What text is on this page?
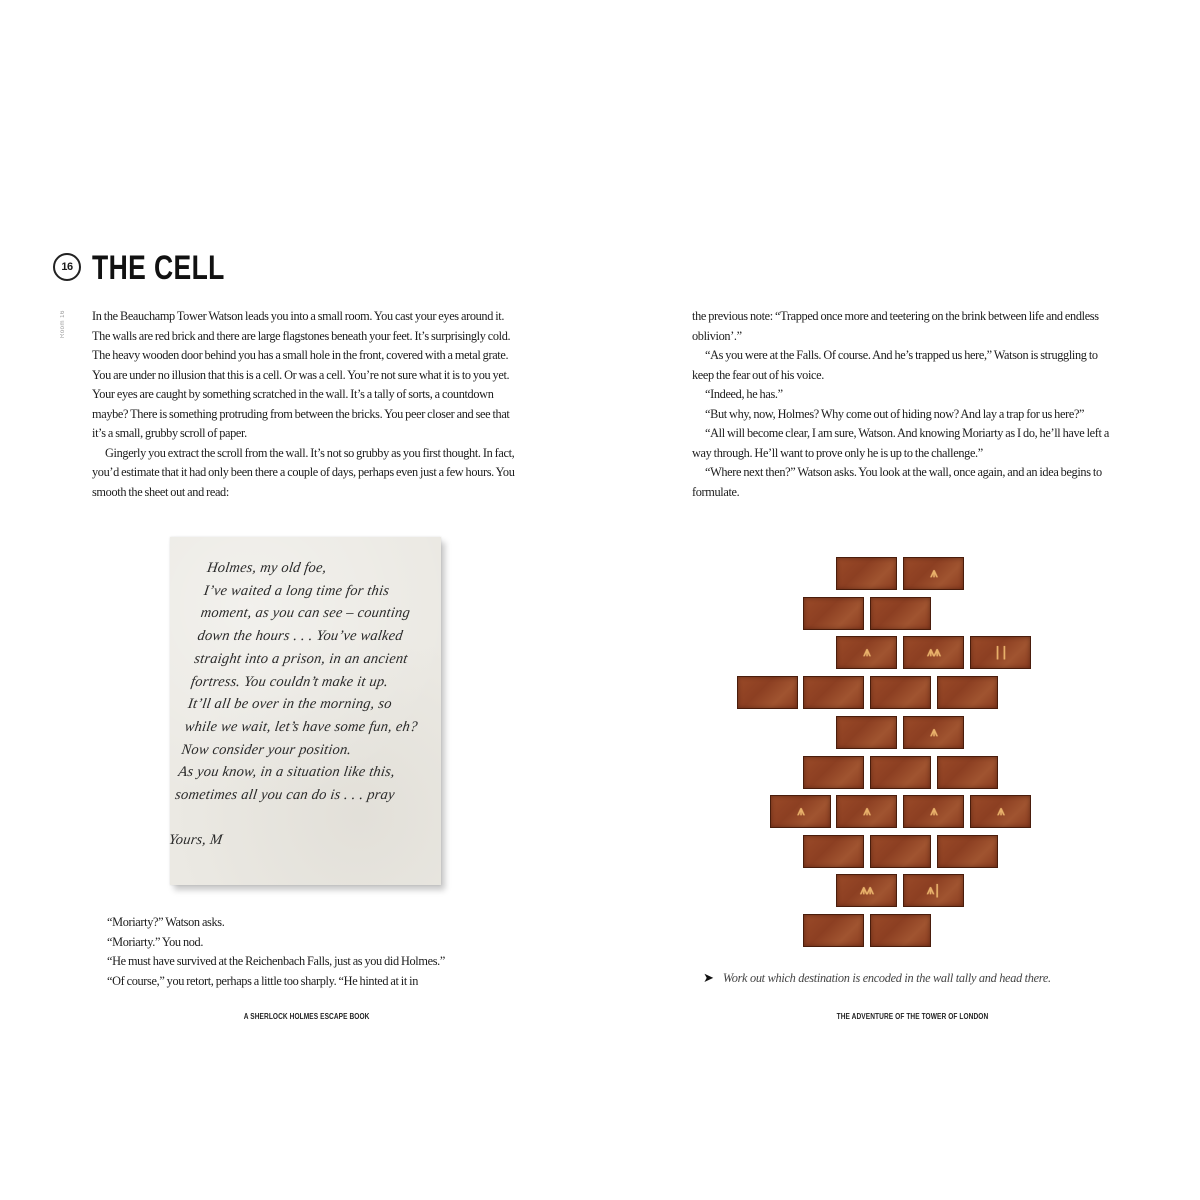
16 THE CELL
Room 16	In the Beauchamp Tower Watson leads you into a small room. You cast your eyes around it. The walls are red brick and there are large flagstones beneath your feet. It’s surprisingly cold. The heavy wooden door behind you has a small hole in the front, covered with a metal grate. You are under no illusion that this is a cell. Or was a cell. You’re not sure what it is to you yet. Your eyes are caught by something scratched in the wall. It’s a tally of sorts, a countdown maybe? There is something protruding from between the bricks. You peer closer and see that it’s a small, grubby scroll of paper.

Gingerly you extract the scroll from the wall. It’s not so grubby as you first thought. In fact, you’d estimate that it had only been there a couple of days, perhaps even just a few hours. You smooth the sheet out and read:

Holmes, my old foe,
I’ve waited a long time for this
moment, as you can see – counting
down the hours . . . You’ve walked
straight into a prison, in an ancient
fortress. You couldn’t make it up.
It’ll all be over in the morning, so
while we wait, let’s have some fun, eh?
Now consider your position.
As you know, in a situation like this,
sometimes all you can do is . . . pray
Yours, M

“Moriarty?” Watson asks.

“Moriarty.” You nod.

“He must have survived at the Reichenbach Falls, just as you did Holmes.”

“Of course,” you retort, perhaps a little too sharply. “He hinted at it in

A SHERLOCK HOLMES ESCAPE BOOK

the previous note: “Trapped once more and teetering on the brink between life and endless oblivion’.”

“As you were at the Falls. Of course. And he’s trapped us here,” Watson is struggling to keep the fear out of his voice.

“Indeed, he has.”

“But why, now, Holmes? Why come out of hiding now? And lay a trap for us here?”

“All will become clear, I am sure, Watson. And knowing Moriarty as I do, he’ll have left a way through. He’ll want to prove only he is up to the challenge.”

“Where next then?” Watson asks. You look at the wall, once again, and an idea begins to formulate.

➤ Work out which destination is encoded in the wall tally and head there.
THE ADVENTURE OF THE TOWER OF LONDON
⩚
⩚	⩚⩚	||
⩚
⩚	⩚	⩚	⩚
⩚⩚	⩚|
